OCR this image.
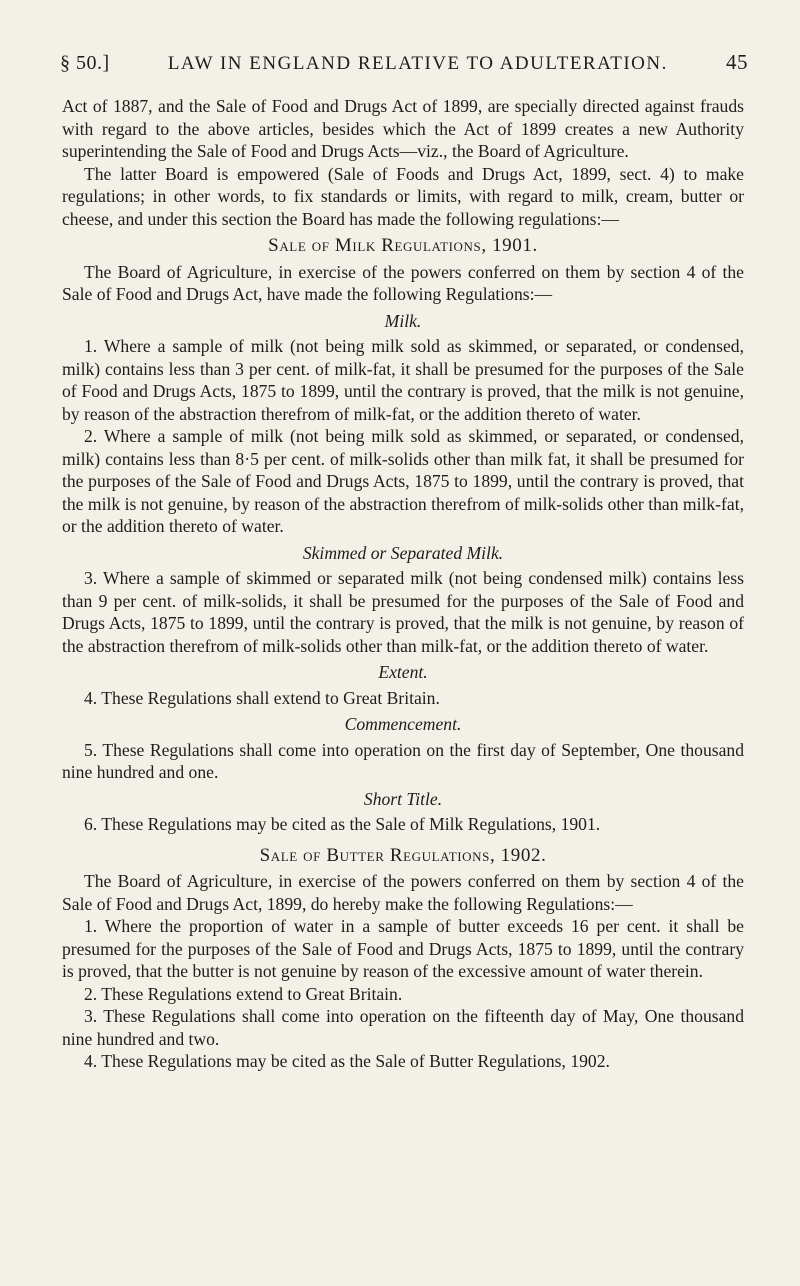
§ 50.]	LAW IN ENGLAND RELATIVE TO ADULTERATION.	45

Act of 1887, and the Sale of Food and Drugs Act of 1899, are specially directed against frauds with regard to the above articles, besides which the Act of 1899 creates a new Authority superintending the Sale of Food and Drugs Acts—viz., the Board of Agriculture.

The latter Board is empowered (Sale of Foods and Drugs Act, 1899, sect. 4) to make regulations; in other words, to fix standards or limits, with regard to milk, cream, butter or cheese, and under this section the Board has made the following regulations:—

Sale of Milk Regulations, 1901.

The Board of Agriculture, in exercise of the powers conferred on them by section 4 of the Sale of Food and Drugs Act, have made the following Regulations:—

Milk.

1. Where a sample of milk (not being milk sold as skimmed, or separated, or condensed, milk) contains less than 3 per cent. of milk-fat, it shall be presumed for the purposes of the Sale of Food and Drugs Acts, 1875 to 1899, until the contrary is proved, that the milk is not genuine, by reason of the abstraction therefrom of milk-fat, or the addition thereto of water.

2. Where a sample of milk (not being milk sold as skimmed, or separated, or condensed, milk) contains less than 8·5 per cent. of milk-solids other than milk fat, it shall be presumed for the purposes of the Sale of Food and Drugs Acts, 1875 to 1899, until the contrary is proved, that the milk is not genuine, by reason of the abstraction therefrom of milk-solids other than milk-fat, or the addition thereto of water.

Skimmed or Separated Milk.

3. Where a sample of skimmed or separated milk (not being condensed milk) contains less than 9 per cent. of milk-solids, it shall be presumed for the purposes of the Sale of Food and Drugs Acts, 1875 to 1899, until the contrary is proved, that the milk is not genuine, by reason of the abstraction therefrom of milk-solids other than milk-fat, or the addition thereto of water.

Extent.

4. These Regulations shall extend to Great Britain.

Commencement.

5. These Regulations shall come into operation on the first day of September, One thousand nine hundred and one.

Short Title.

6. These Regulations may be cited as the Sale of Milk Regulations, 1901.

Sale of Butter Regulations, 1902.

The Board of Agriculture, in exercise of the powers conferred on them by section 4 of the Sale of Food and Drugs Act, 1899, do hereby make the following Regulations:—

1. Where the proportion of water in a sample of butter exceeds 16 per cent. it shall be presumed for the purposes of the Sale of Food and Drugs Acts, 1875 to 1899, until the contrary is proved, that the butter is not genuine by reason of the excessive amount of water therein.

2. These Regulations extend to Great Britain.

3. These Regulations shall come into operation on the fifteenth day of May, One thousand nine hundred and two.

4. These Regulations may be cited as the Sale of Butter Regulations, 1902.
